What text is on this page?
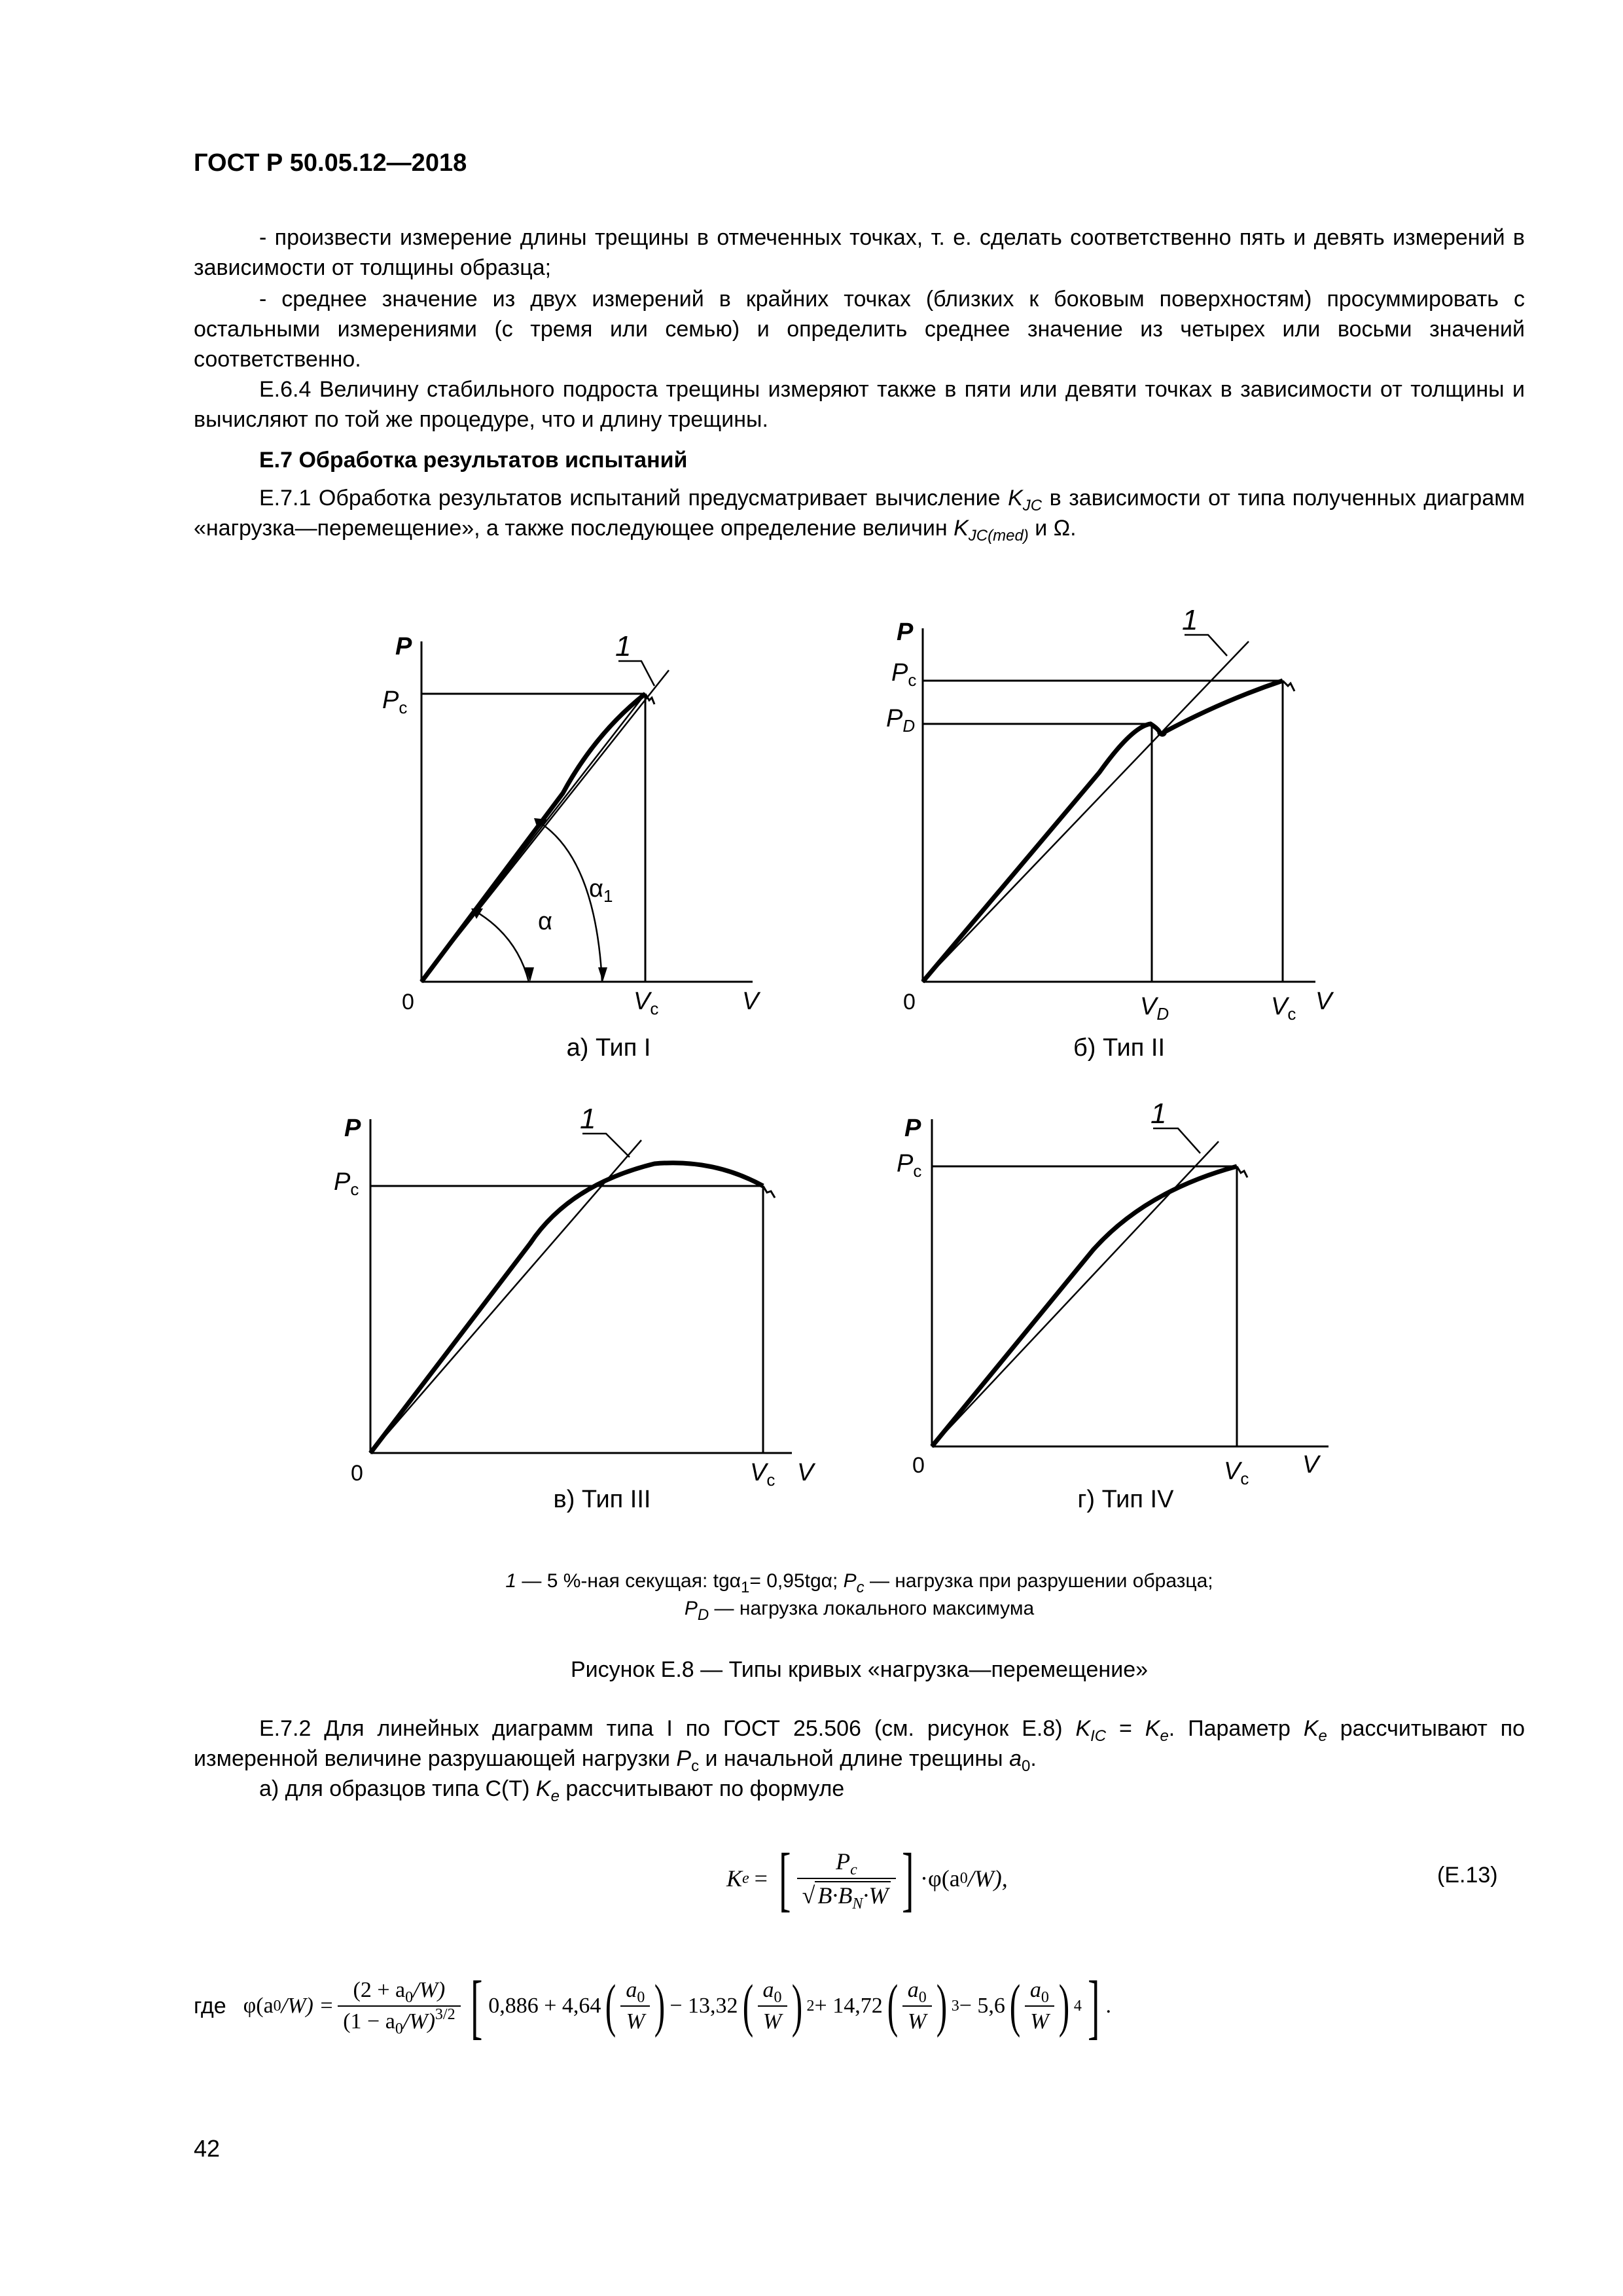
ГОСТ Р 50.05.12—2018
- произвести измерение длины трещины в отмеченных точках, т. е. сделать соответственно пять и девять измерений в зависимости от толщины образца;
- среднее значение из двух измерений в крайних точках (близких к боковым поверхностям) просуммировать с остальными измерениями (с тремя или семью) и определить среднее значение из четырех или восьми значений соответственно.
Е.6.4 Величину стабильного подроста трещины измеряют также в пяти или девяти точках в зависимости от толщины и вычисляют по той же процедуре, что и длину трещины.
Е.7 Обработка результатов испытаний
Е.7.1 Обработка результатов испытаний предусматривает вычисление $K_{JC}$ в зависимости от типа полученных диаграмм «нагрузка—перемещение», а также последующее определение величин $K_{JC(med)}$ и Ω.
1
P
$P_c$
0	$V_c$	V
α
$\alpha_1$
а) Тип I
1
P
$P_c$
$P_D$
0	$V_D$	$V_c$ V
б) Тип II
1
P
$P_c$
0	$V_c$ V
в) Тип III
1
P
$P_c$
0	$V_c$ V
г) Тип IV
1 — 5 %-ная секущая: tgα$_1$= 0,95tgα; $P_c$ — нагрузка при разрушении образца;
$P_D$ — нагрузка локального максимума
Рисунок Е.8 — Типы кривых «нагрузка—перемещение»
Е.7.2 Для линейных диаграмм типа I по ГОСТ 25.506 (см. рисунок Е.8) $K_{IC} = K_e$. Параметр $K_e$ рассчитывают по измеренной величине разрушающей нагрузки $P_c$ и начальной длине трещины $a_0$.
а) для образцов типа С(Т) $K_e$ рассчитывают по формуле
K e = [ $\frac{P_c}{√ B\cdot B_N\cdot W}$ ] ·φ(a 0 /W),	(Е.13)
где φ(a 0 $/W) = \frac{(2 + a_0/W)}{(1 - a_0/W)^{3/2}}$ [ 0,886 + 4,64 ( $\frac{a_0}{W}$ ) − 13,32 ( $\frac{a_0}{W}$ ) 2 + 14,72 ( $\frac{a_0}{W}$ ) 3 − 5,6 ( $\frac{a_0}{W}$ ) 4 ] .
42
